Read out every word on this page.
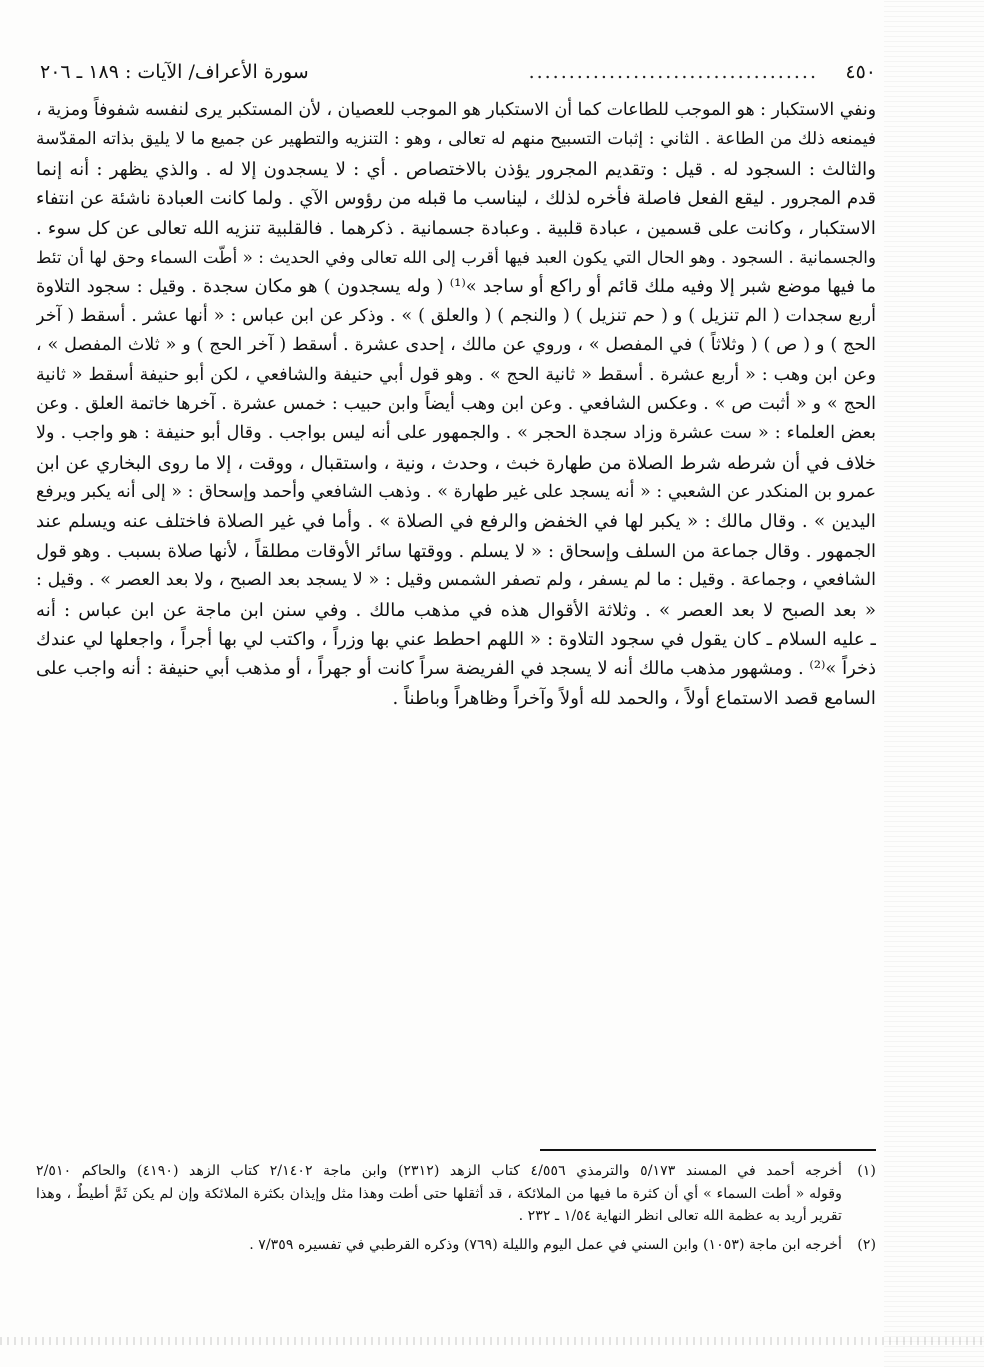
٤٥٠
....................................
سورة الأعراف/ الآيات : ١٨٩ ـ ٢٠٦
ونفي الاستكبار : هو الموجب للطاعات كما أن الاستكبار هو الموجب للعصيان ، لأن المستكبر يرى لنفسه شفوفاً ومزية ،
فيمنعه ذلك من الطاعة . الثاني : إثبات التسبيح منهم له تعالى ، وهو : التنزيه والتطهير عن جميع ما لا يليق بذاته المقدّسة
والثالث : السجود له . قيل : وتقديم المجرور يؤذن بالاختصاص . أي : لا يسجدون إلا له . والذي يظهر : أنه إنما
قدم المجرور . ليقع الفعل فاصلة فأخره لذلك ، ليناسب ما قبله من رؤوس الآي . ولما كانت العبادة ناشئة عن انتفاء
الاستكبار ، وكانت على قسمين ، عبادة قلبية . وعبادة جسمانية . ذكرهما . فالقلبية تنزيه الله تعالى عن كل سوء .
والجسمانية . السجود . وهو الحال التي يكون العبد فيها أقرب إلى الله تعالى وفي الحديث : « أطّت السماء وحق لها أن تئط
ما فيها موضع شبر إلا وفيه ملك قائم أو راكع أو ساجد »⁽¹⁾ ( وله يسجدون ) هو مكان سجدة . وقيل : سجود التلاوة
أربع سجدات ( الم تنزيل ) و ( حم تنزيل ) ( والنجم ) ( والعلق ) » . وذكر عن ابن عباس : « أنها عشر . أسقط ( آخر
الحج ) و ( ص ) ( وثلاثاً ) في المفصل » ، وروي عن مالك ، إحدى عشرة . أسقط ( آخر الحج ) و « ثلاث المفصل » ،
وعن ابن وهب : « أربع عشرة . أسقط « ثانية الحج » . وهو قول أبي حنيفة والشافعي ، لكن أبو حنيفة أسقط « ثانية
الحج » و « أثبت ص » . وعكس الشافعي . وعن ابن وهب أيضاً وابن حبيب : خمس عشرة . آخرها خاتمة العلق . وعن
بعض العلماء : « ست عشرة وزاد سجدة الحجر » . والجمهور على أنه ليس بواجب . وقال أبو حنيفة : هو واجب . ولا
خلاف في أن شرطه شرط الصلاة من طهارة خبث ، وحدث ، ونية ، واستقبال ، ووقت ، إلا ما روى البخاري عن ابن
عمرو بن المنكدر عن الشعبي : « أنه يسجد على غير طهارة » . وذهب الشافعي وأحمد وإسحاق : « إلى أنه يكبر ويرفع
اليدين » . وقال مالك : « يكبر لها في الخفض والرفع في الصلاة » . وأما في غير الصلاة فاختلف عنه ويسلم عند
الجمهور . وقال جماعة من السلف وإسحاق : « لا يسلم . ووقتها سائر الأوقات مطلقاً ، لأنها صلاة بسبب . وهو قول
الشافعي ، وجماعة . وقيل : ما لم يسفر ، ولم تصفر الشمس وقيل : « لا يسجد بعد الصبح ، ولا بعد العصر » . وقيل :
« بعد الصبح لا بعد العصر » . وثلاثة الأقوال هذه في مذهب مالك . وفي سنن ابن ماجة عن ابن عباس : أنه
ـ عليه السلام ـ كان يقول في سجود التلاوة : « اللهم احطط عني بها وزراً ، واكتب لي بها أجراً ، واجعلها لي عندك
ذخراً »⁽²⁾ . ومشهور مذهب مالك أنه لا يسجد في الفريضة سراً كانت أو جهراً ، أو مذهب أبي حنيفة : أنه واجب على
السامع قصد الاستماع أولاً ، والحمد لله أولاً وآخراً وظاهراً وباطناً .
(١)أخرجه أحمد في المسند ٥/١٧٣ والترمذي ٤/٥٥٦ كتاب الزهد (٢٣١٢) وابن ماجة ٢/١٤٠٢ كتاب الزهد (٤١٩٠) والحاكم ٢/٥١٠
وقوله « أطت السماء » أي أن كثرة ما فيها من الملائكة ، قد أثقلها حتى أطت وهذا مثل وإيذان بكثرة الملائكة وإن لم يكن ثَمَّ أطيطٌ ، وهذا
تقرير أريد به عظمة الله تعالى انظر النهاية ١/٥٤ ـ ٢٣٢ .
(٢)أخرجه ابن ماجة (١٠٥٣) وابن السني في عمل اليوم والليلة (٧٦٩) وذكره القرطبي في تفسيره ٧/٣٥٩ .
